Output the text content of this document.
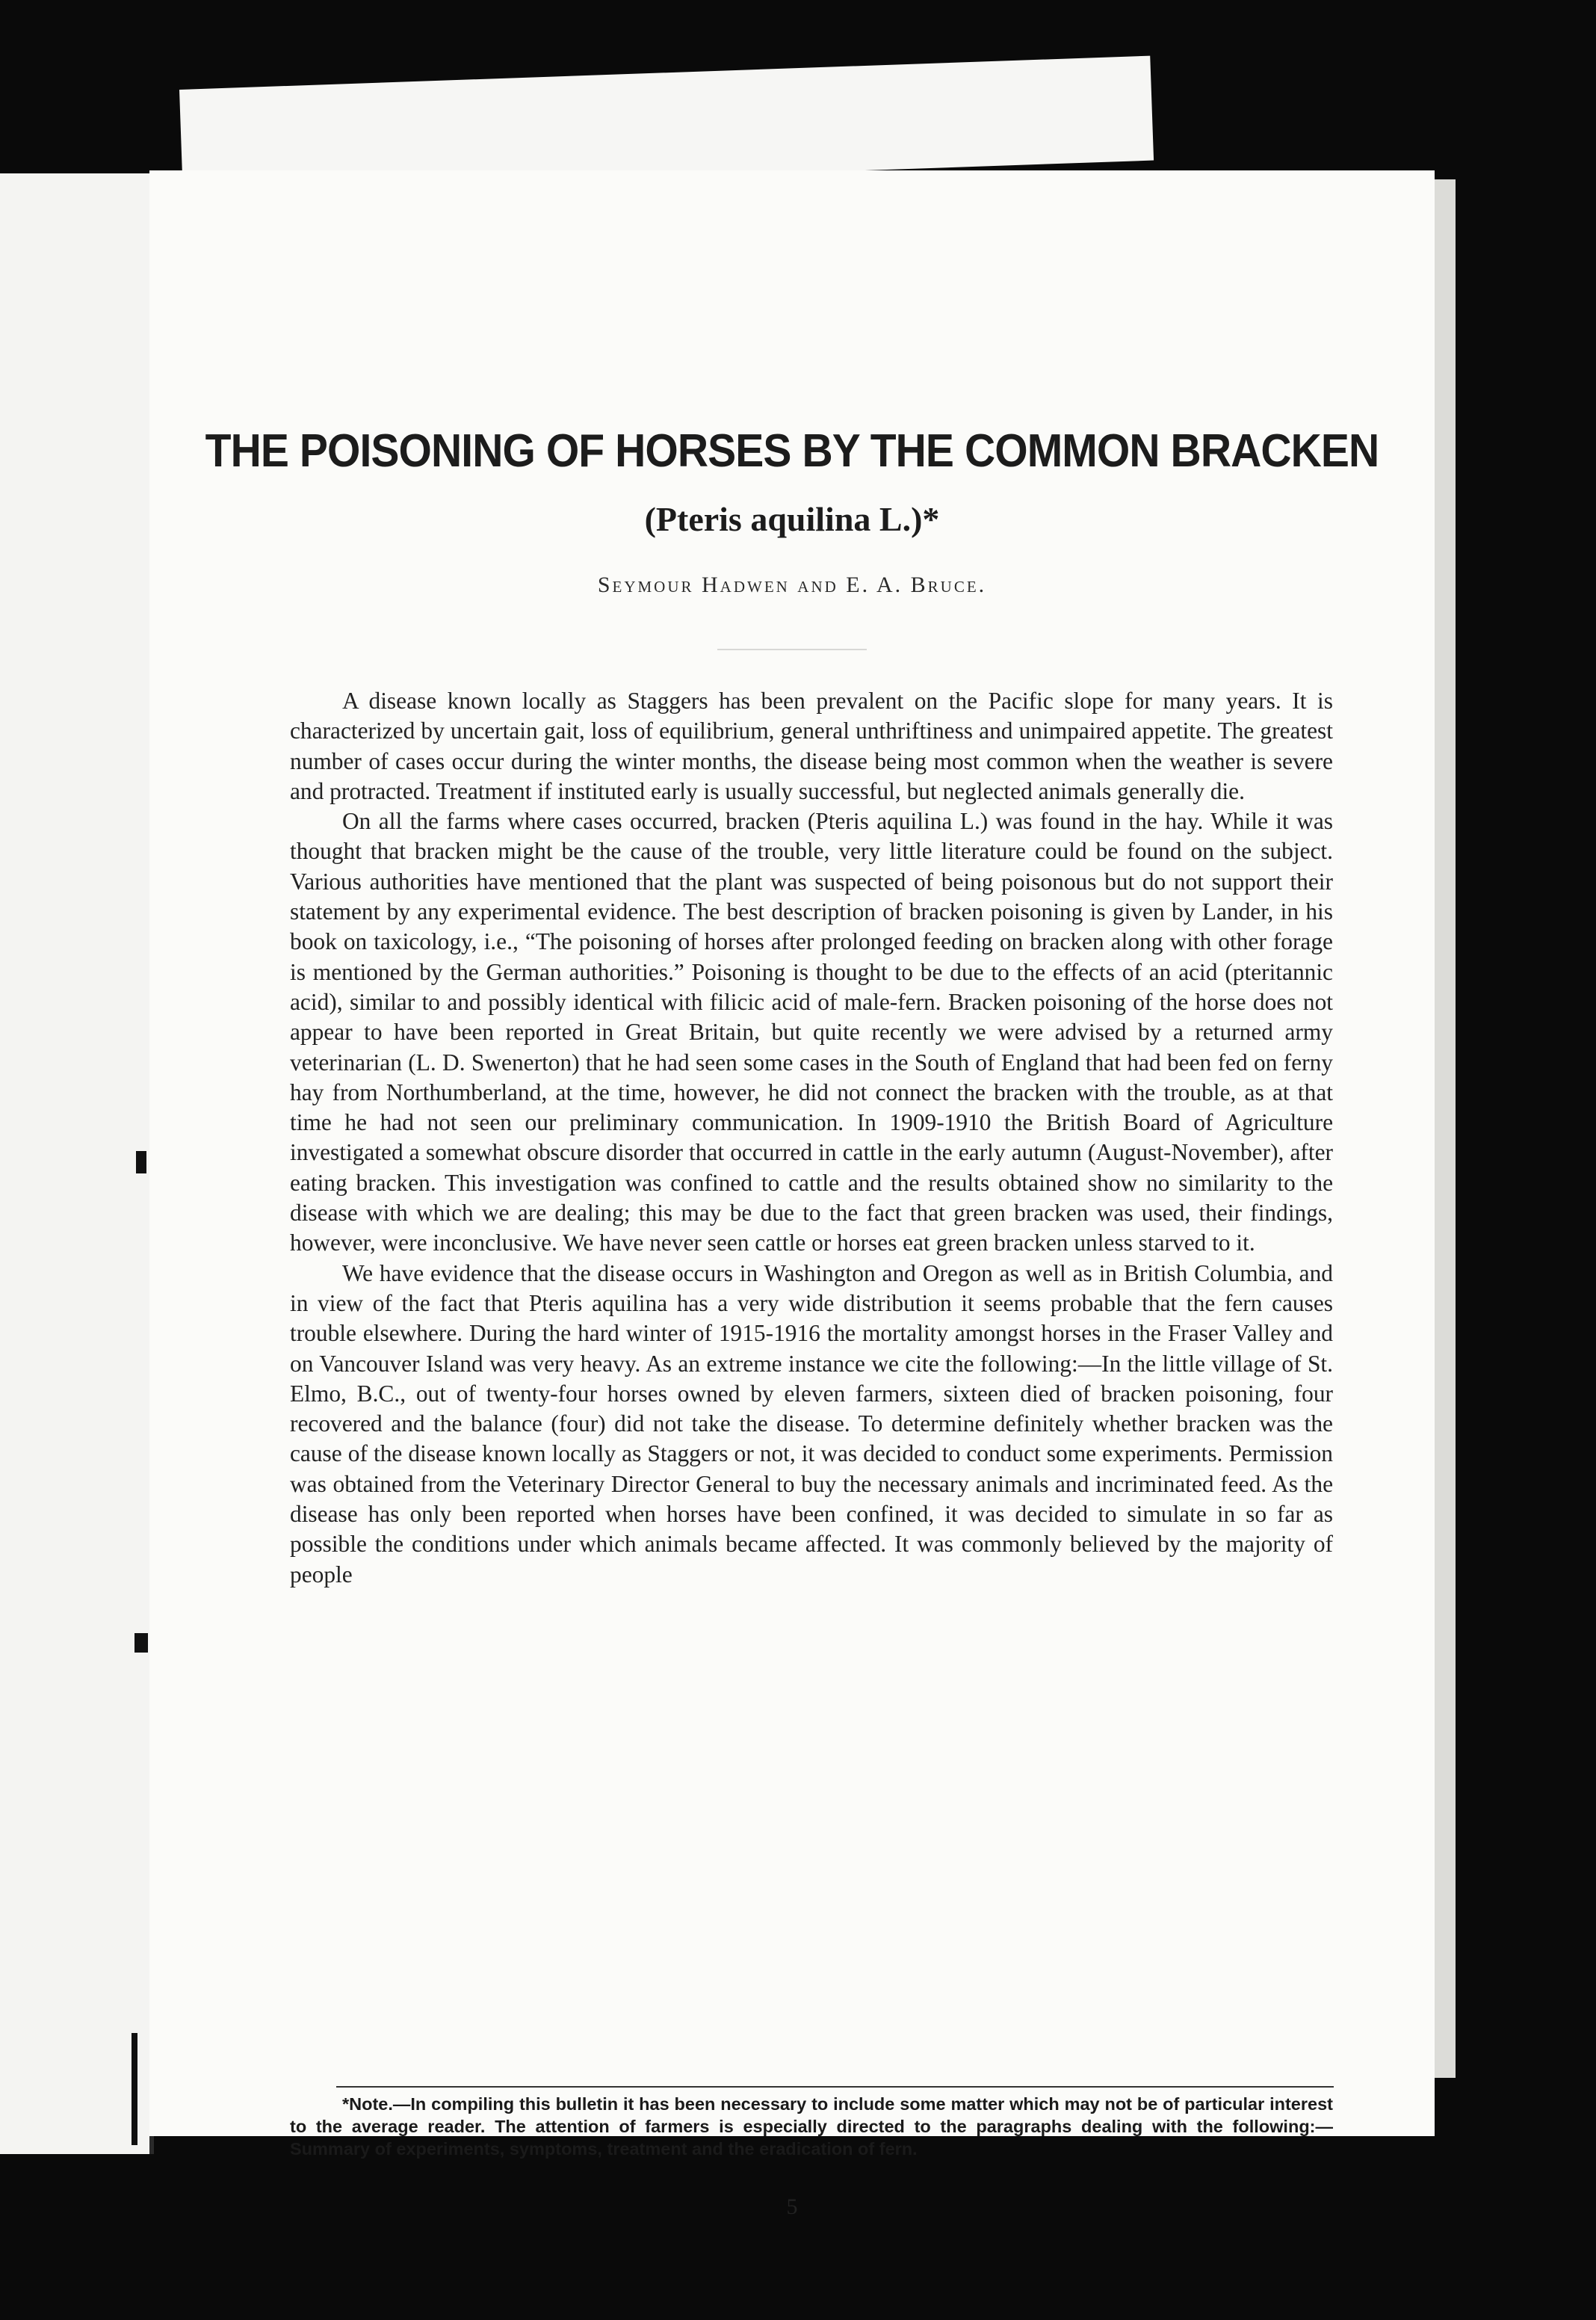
THE POISONING OF HORSES BY THE COMMON BRACKEN
(Pteris aquilina L.)*
Seymour Hadwen and E. A. Bruce.

A disease known locally as Staggers has been prevalent on the Pacific slope for many years. It is characterized by uncertain gait, loss of equilibrium, general unthriftiness and unimpaired appetite. The greatest number of cases occur during the winter months, the disease being most common when the weather is severe and protracted. Treatment if instituted early is usually successful, but neglected animals generally die.

On all the farms where cases occurred, bracken (Pteris aquilina L.) was found in the hay. While it was thought that bracken might be the cause of the trouble, very little literature could be found on the subject. Various authorities have mentioned that the plant was suspected of being poisonous but do not support their statement by any experimental evidence. The best description of bracken poisoning is given by Lander, in his book on taxicology, i.e., “The poisoning of horses after prolonged feeding on bracken along with other forage is mentioned by the German authorities.” Poisoning is thought to be due to the effects of an acid (pteritannic acid), similar to and possibly identical with filicic acid of male-fern. Bracken poisoning of the horse does not appear to have been reported in Great Britain, but quite recently we were advised by a returned army veterinarian (L. D. Swenerton) that he had seen some cases in the South of England that had been fed on ferny hay from Northumberland, at the time, however, he did not connect the bracken with the trouble, as at that time he had not seen our preliminary communication. In 1909-1910 the British Board of Agriculture investigated a somewhat obscure disorder that occurred in cattle in the early autumn (August-November), after eating bracken. This investigation was confined to cattle and the results obtained show no similarity to the disease with which we are dealing; this may be due to the fact that green bracken was used, their findings, however, were inconclusive. We have never seen cattle or horses eat green bracken unless starved to it.

We have evidence that the disease occurs in Washington and Oregon as well as in British Columbia, and in view of the fact that Pteris aquilina has a very wide distribution it seems probable that the fern causes trouble elsewhere. During the hard winter of 1915-1916 the mortality amongst horses in the Fraser Valley and on Vancouver Island was very heavy. As an extreme instance we cite the following:—In the little village of St. Elmo, B.C., out of twenty-four horses owned by eleven farmers, sixteen died of bracken poisoning, four recovered and the balance (four) did not take the disease. To determine definitely whether bracken was the cause of the disease known locally as Staggers or not, it was decided to conduct some experiments. Permission was obtained from the Veterinary Director General to buy the necessary animals and incriminated feed. As the disease has only been reported when horses have been confined, it was decided to simulate in so far as possible the conditions under which animals became affected. It was commonly believed by the majority of people

*Note.—In compiling this bulletin it has been necessary to include some matter which may not be of particular interest to the average reader. The attention of farmers is especially directed to the paragraphs dealing with the following:—Summary of experiments, symptoms, treatment and the eradication of fern.

5
